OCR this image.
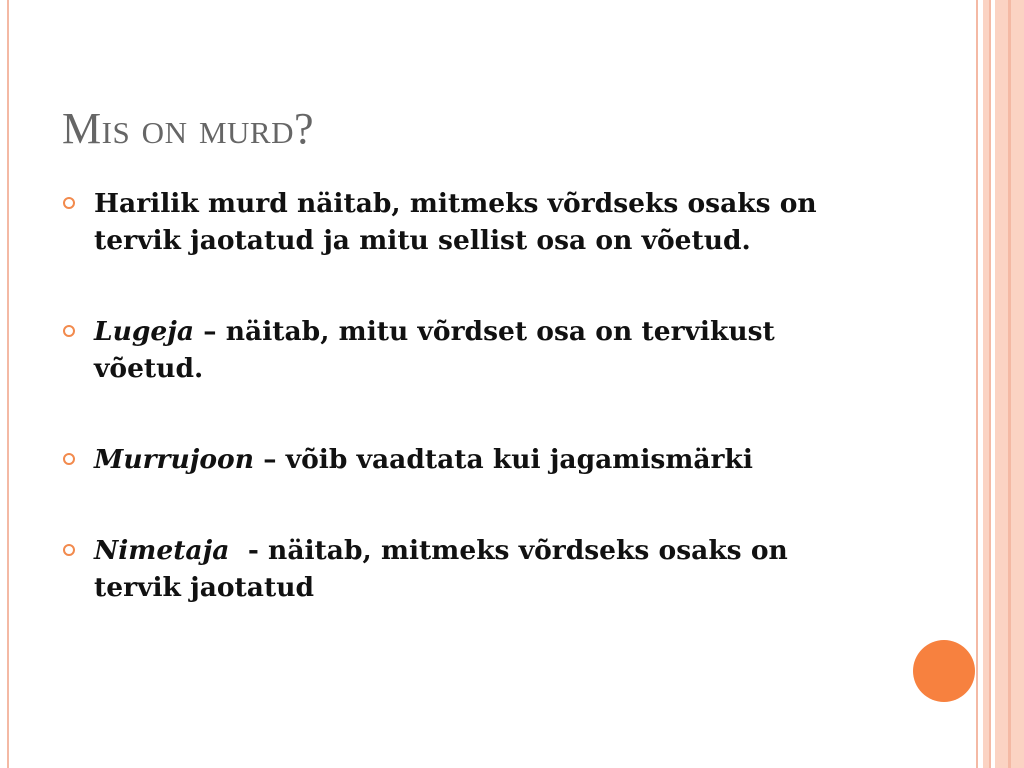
Mis on murd?
Harilik murd näitab, mitmeks võrdseks osaks on tervik jaotatud ja mitu sellist osa on võetud.
Lugeja – näitab, mitu võrdset osa on tervikust võetud.
Murrujoon – võib vaadtata kui jagamismärki
Nimetaja  - näitab, mitmeks võrdseks osaks on tervik jaotatud
